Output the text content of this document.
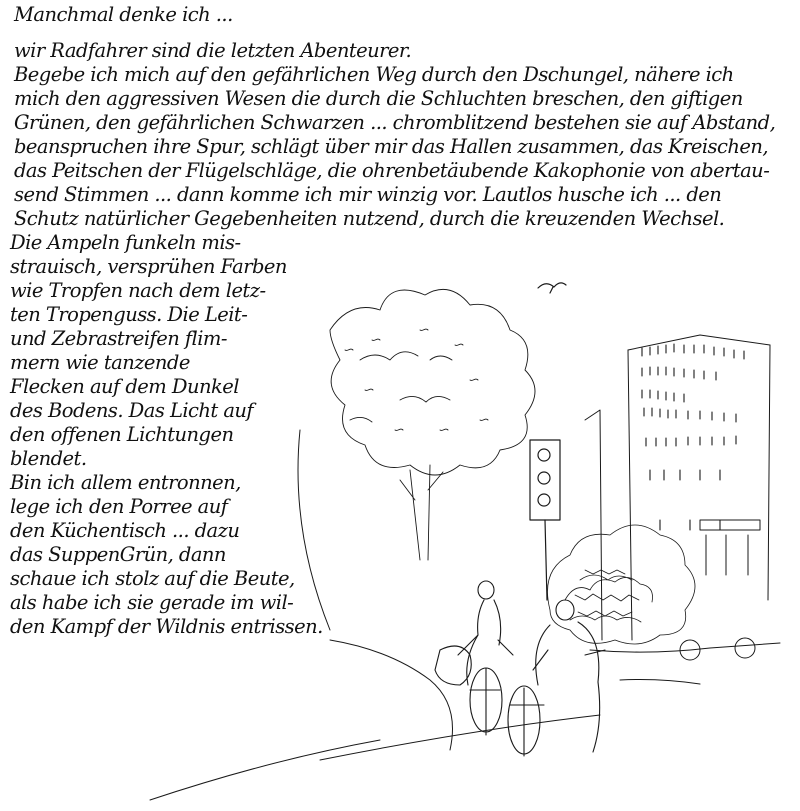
Manchmal denke ich ...
wir Radfahrer sind die letzten Abenteurer.
Begebe ich mich auf den gefährlichen Weg durch den Dschungel, nähere ich
mich den aggressiven Wesen die durch die Schluchten breschen, den giftigen
Grünen, den gefährlichen Schwarzen ... chromblitzend bestehen sie auf Abstand,
beanspruchen ihre Spur, schlägt über mir das Hallen zusammen, das Kreischen,
das Peitschen der Flügelschläge, die ohrenbetäubende Kakophonie von abertau-
send Stimmen ... dann komme ich mir winzig vor. Lautlos husche ich ... den
Schutz natürlicher Gegebenheiten nutzend, durch die kreuzenden Wechsel.
Die Ampeln funkeln mis-
strauisch, versprühen Farben
wie Tropfen nach dem letz-
ten Tropenguss. Die Leit-
und Zebrastreifen flim-
mern wie tanzende
Flecken auf dem Dunkel
des Bodens. Das Licht auf
den offenen Lichtungen
blendet.
Bin ich allem entronnen,
lege ich den Porree auf
den Küchentisch ... dazu
das SuppenGrün, dann
schaue ich stolz auf die Beute,
als habe ich sie gerade im wil-
den Kampf der Wildnis entrissen.
